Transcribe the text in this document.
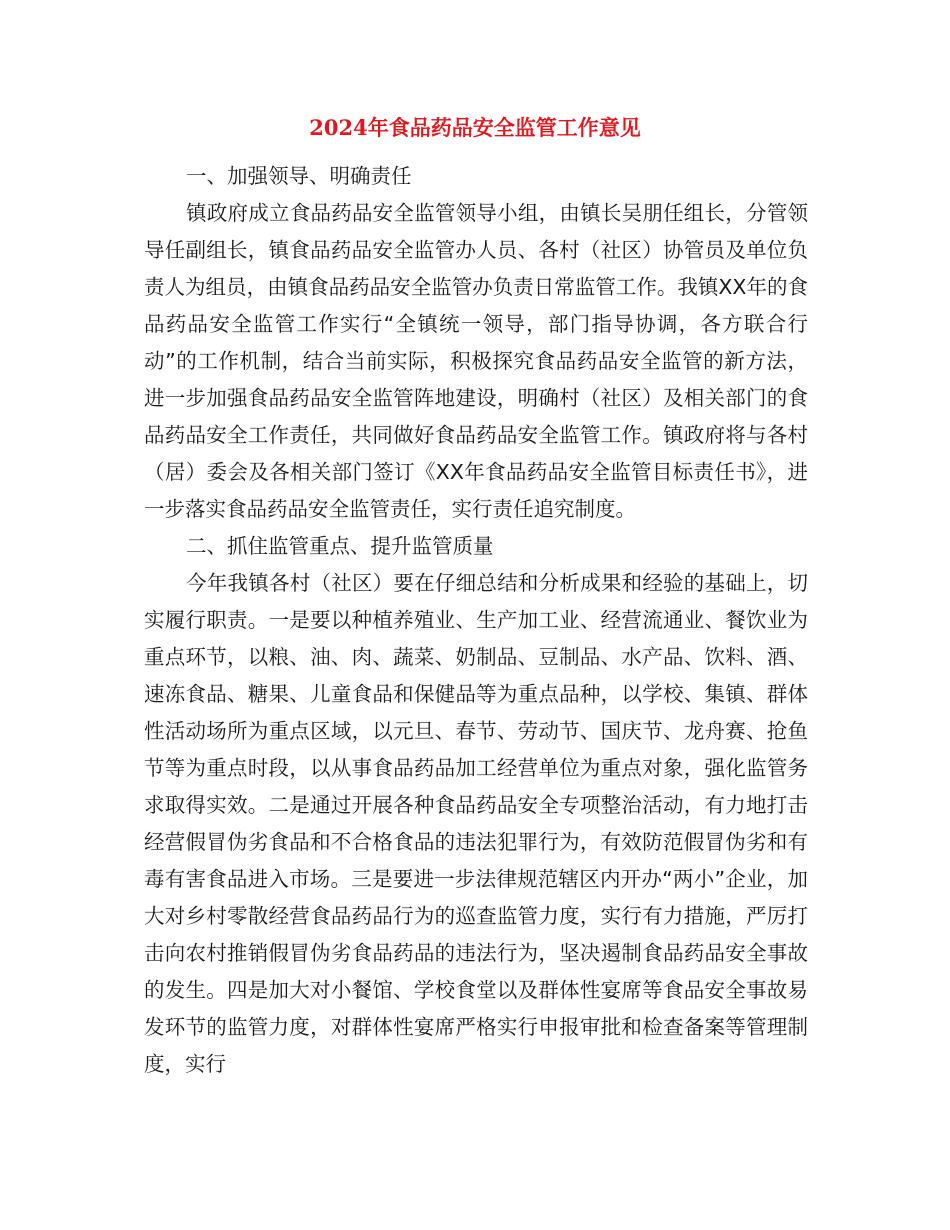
2024年食品药品安全监管工作意见

一、加强领导、明确责任

镇政府成立食品药品安全监管领导小组，由镇长吴朋任组长，分管领导任副组长，镇食品药品安全监管办人员、各村（社区）协管员及单位负责人为组员，由镇食品药品安全监管办负责日常监管工作。我镇XX年的食品药品安全监管工作实行“全镇统一领导，部门指导协调，各方联合行动”的工作机制，结合当前实际，积极探究食品药品安全监管的新方法，进一步加强食品药品安全监管阵地建设，明确村（社区）及相关部门的食品药品安全工作责任，共同做好食品药品安全监管工作。镇政府将与各村（居）委会及各相关部门签订《XX年食品药品安全监管目标责任书》，进一步落实食品药品安全监管责任，实行责任追究制度。

二、抓住监管重点、提升监管质量

今年我镇各村（社区）要在仔细总结和分析成果和经验的基础上，切实履行职责。一是要以种植养殖业、生产加工业、经营流通业、餐饮业为重点环节，以粮、油、肉、蔬菜、奶制品、豆制品、水产品、饮料、酒、速冻食品、糖果、儿童食品和保健品等为重点品种，以学校、集镇、群体性活动场所为重点区域，以元旦、春节、劳动节、国庆节、龙舟赛、抢鱼节等为重点时段，以从事食品药品加工经营单位为重点对象，强化监管务求取得实效。二是通过开展各种食品药品安全专项整治活动，有力地打击经营假冒伪劣食品和不合格食品的违法犯罪行为，有效防范假冒伪劣和有毒有害食品进入市场。三是要进一步法律规范辖区内开办“两小”企业，加大对乡村零散经营食品药品行为的巡查监管力度，实行有力措施，严厉打击向农村推销假冒伪劣食品药品的违法行为，坚决遏制食品药品安全事故的发生。四是加大对小餐馆、学校食堂以及群体性宴席等食品安全事故易发环节的监管力度，对群体性宴席严格实行申报审批和检查备案等管理制度，实行
